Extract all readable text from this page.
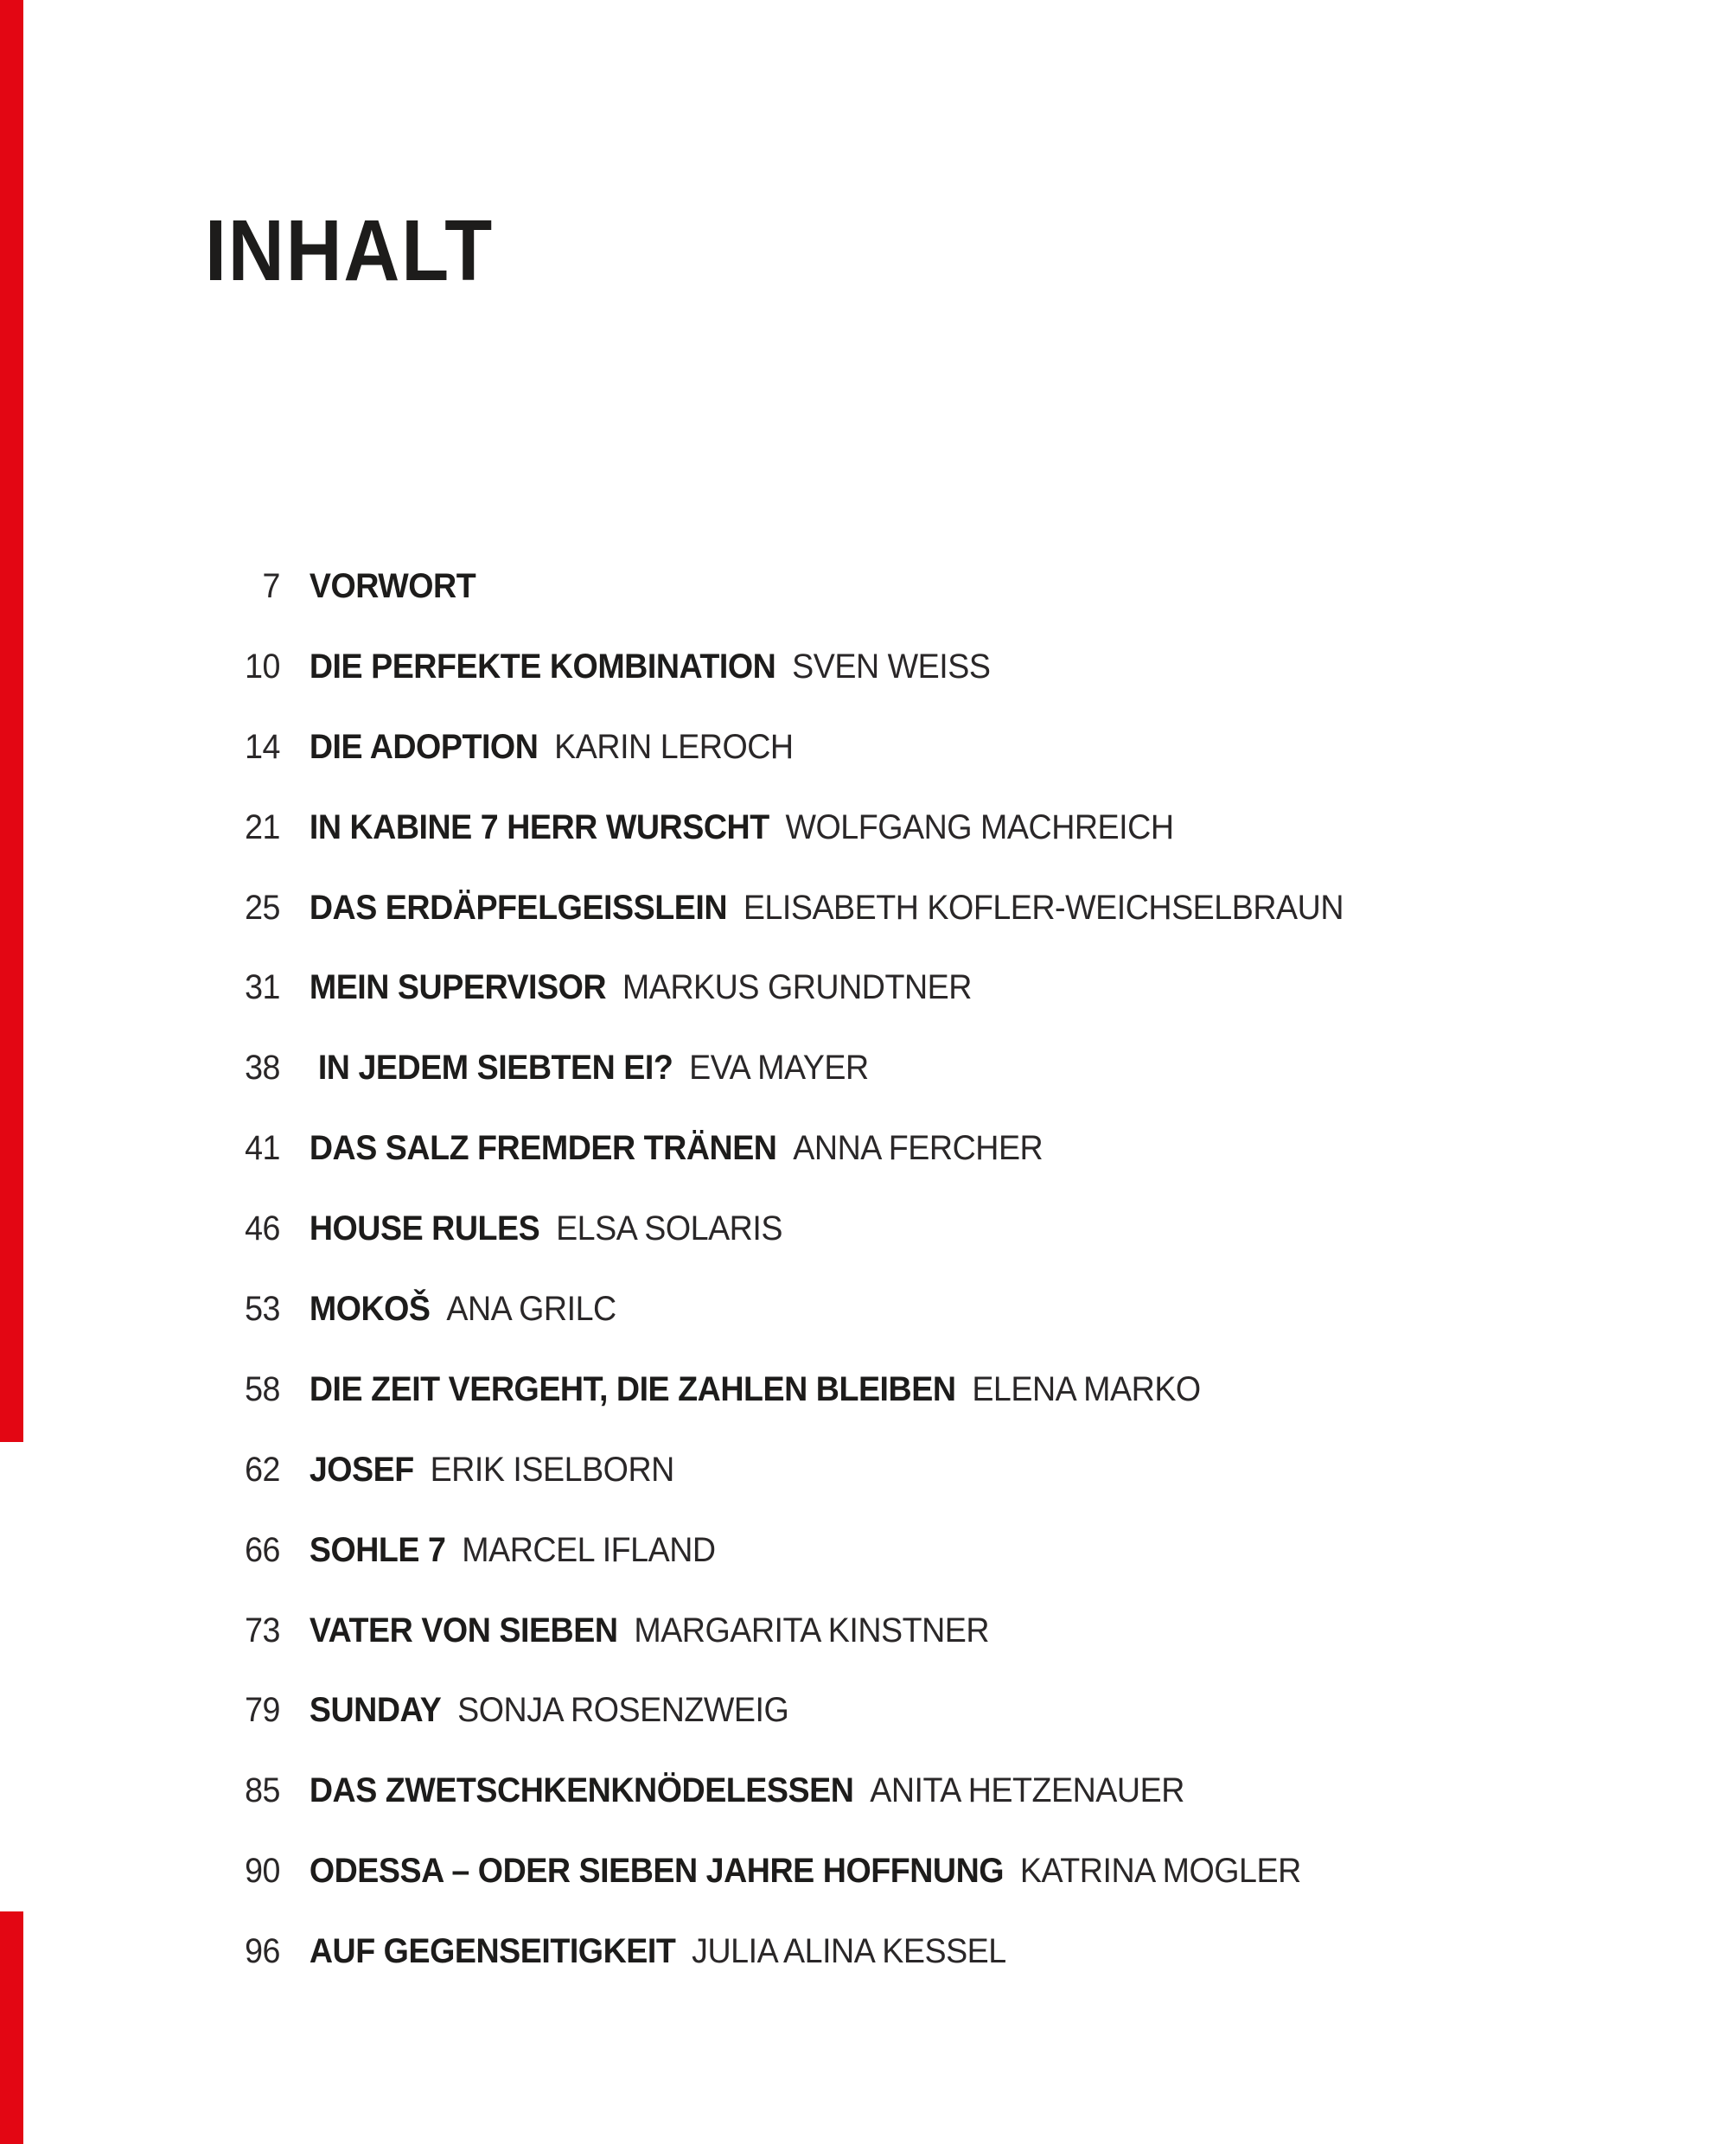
INHALT
7 VORWORT
10 DIE PERFEKTE KOMBINATION SVEN WEISS
14 DIE ADOPTION KARIN LEROCH
21 IN KABINE 7 HERR WURSCHT WOLFGANG MACHREICH
25 DAS ERDÄPFELGEISSLEIN ELISABETH KOFLER-WEICHSELBRAUN
31 MEIN SUPERVISOR MARKUS GRUNDTNER
38 IN JEDEM SIEBTEN EI? EVA MAYER
41 DAS SALZ FREMDER TRÄNEN ANNA FERCHER
46 HOUSE RULES ELSA SOLARIS
53 MOKOŠ ANA GRILC
58 DIE ZEIT VERGEHT, DIE ZAHLEN BLEIBEN ELENA MARKO
62 JOSEF ERIK ISELBORN
66 SOHLE 7 MARCEL IFLAND
73 VATER VON SIEBEN MARGARITA KINSTNER
79 SUNDAY SONJA ROSENZWEIG
85 DAS ZWETSCHKENKNÖDELESSEN ANITA HETZENAUER
90 ODESSA – ODER SIEBEN JAHRE HOFFNUNG KATRINA MOGLER
96 AUF GEGENSEITIGKEIT JULIA ALINA KESSEL
